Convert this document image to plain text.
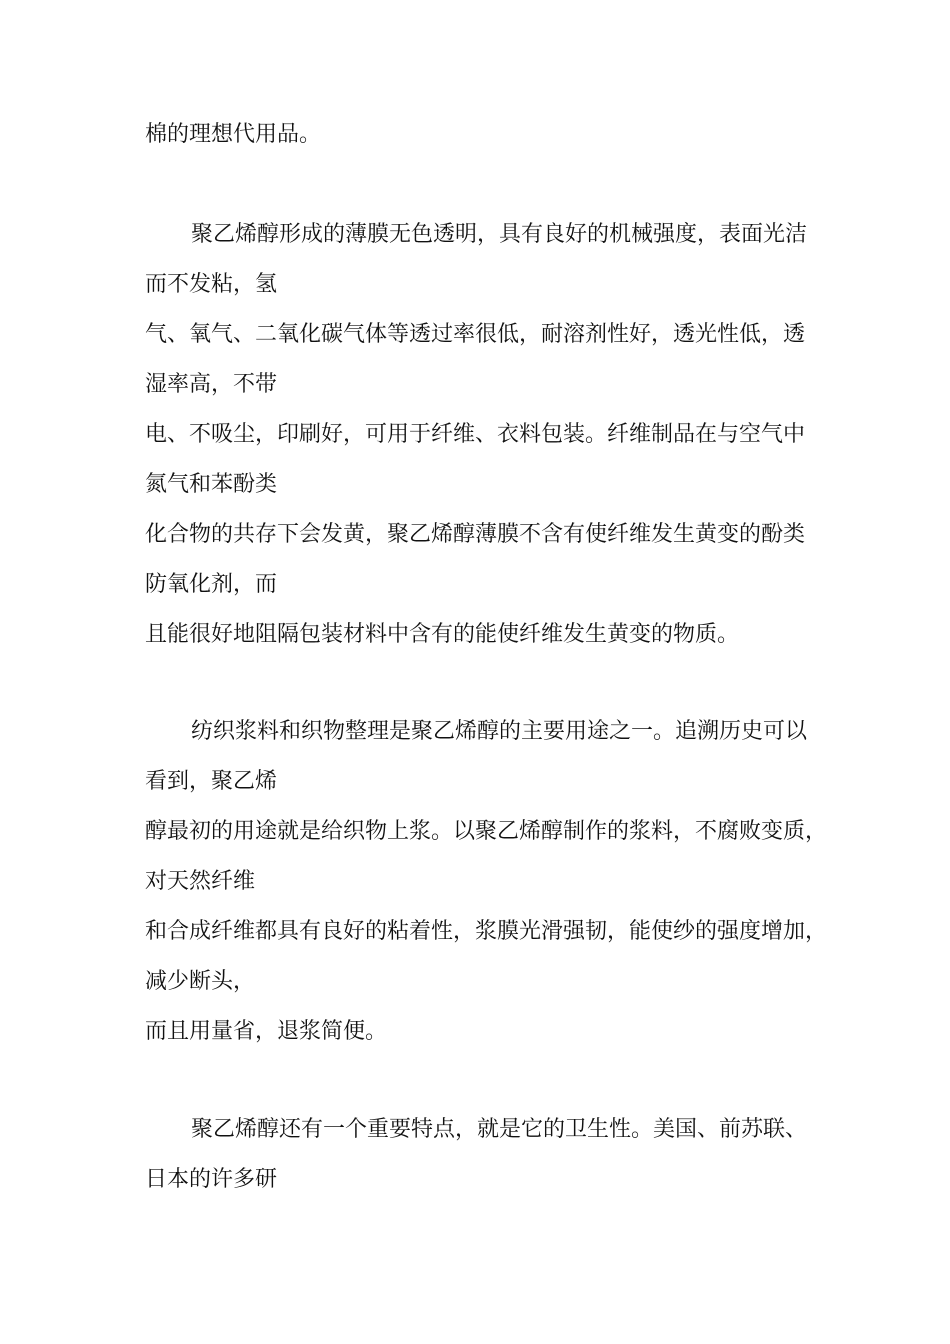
棉的理想代用品。
聚乙烯醇形成的薄膜无色透明，具有良好的机械强度，表面光洁
而不发粘，氢
气、氧气、二氧化碳气体等透过率很低，耐溶剂性好，透光性低，透
湿率高，不带
电、不吸尘，印刷好，可用于纤维、衣料包装。纤维制品在与空气中
氮气和苯酚类
化合物的共存下会发黄，聚乙烯醇薄膜不含有使纤维发生黄变的酚类
防氧化剂，而
且能很好地阻隔包装材料中含有的能使纤维发生黄变的物质。
纺织浆料和织物整理是聚乙烯醇的主要用途之一。追溯历史可以
看到，聚乙烯
醇最初的用途就是给织物上浆。以聚乙烯醇制作的浆料，不腐败变质，
对天然纤维
和合成纤维都具有良好的粘着性，浆膜光滑强韧，能使纱的强度增加，
减少断头，
而且用量省，退浆简便。
聚乙烯醇还有一个重要特点，就是它的卫生性。美国、前苏联、
日本的许多研
